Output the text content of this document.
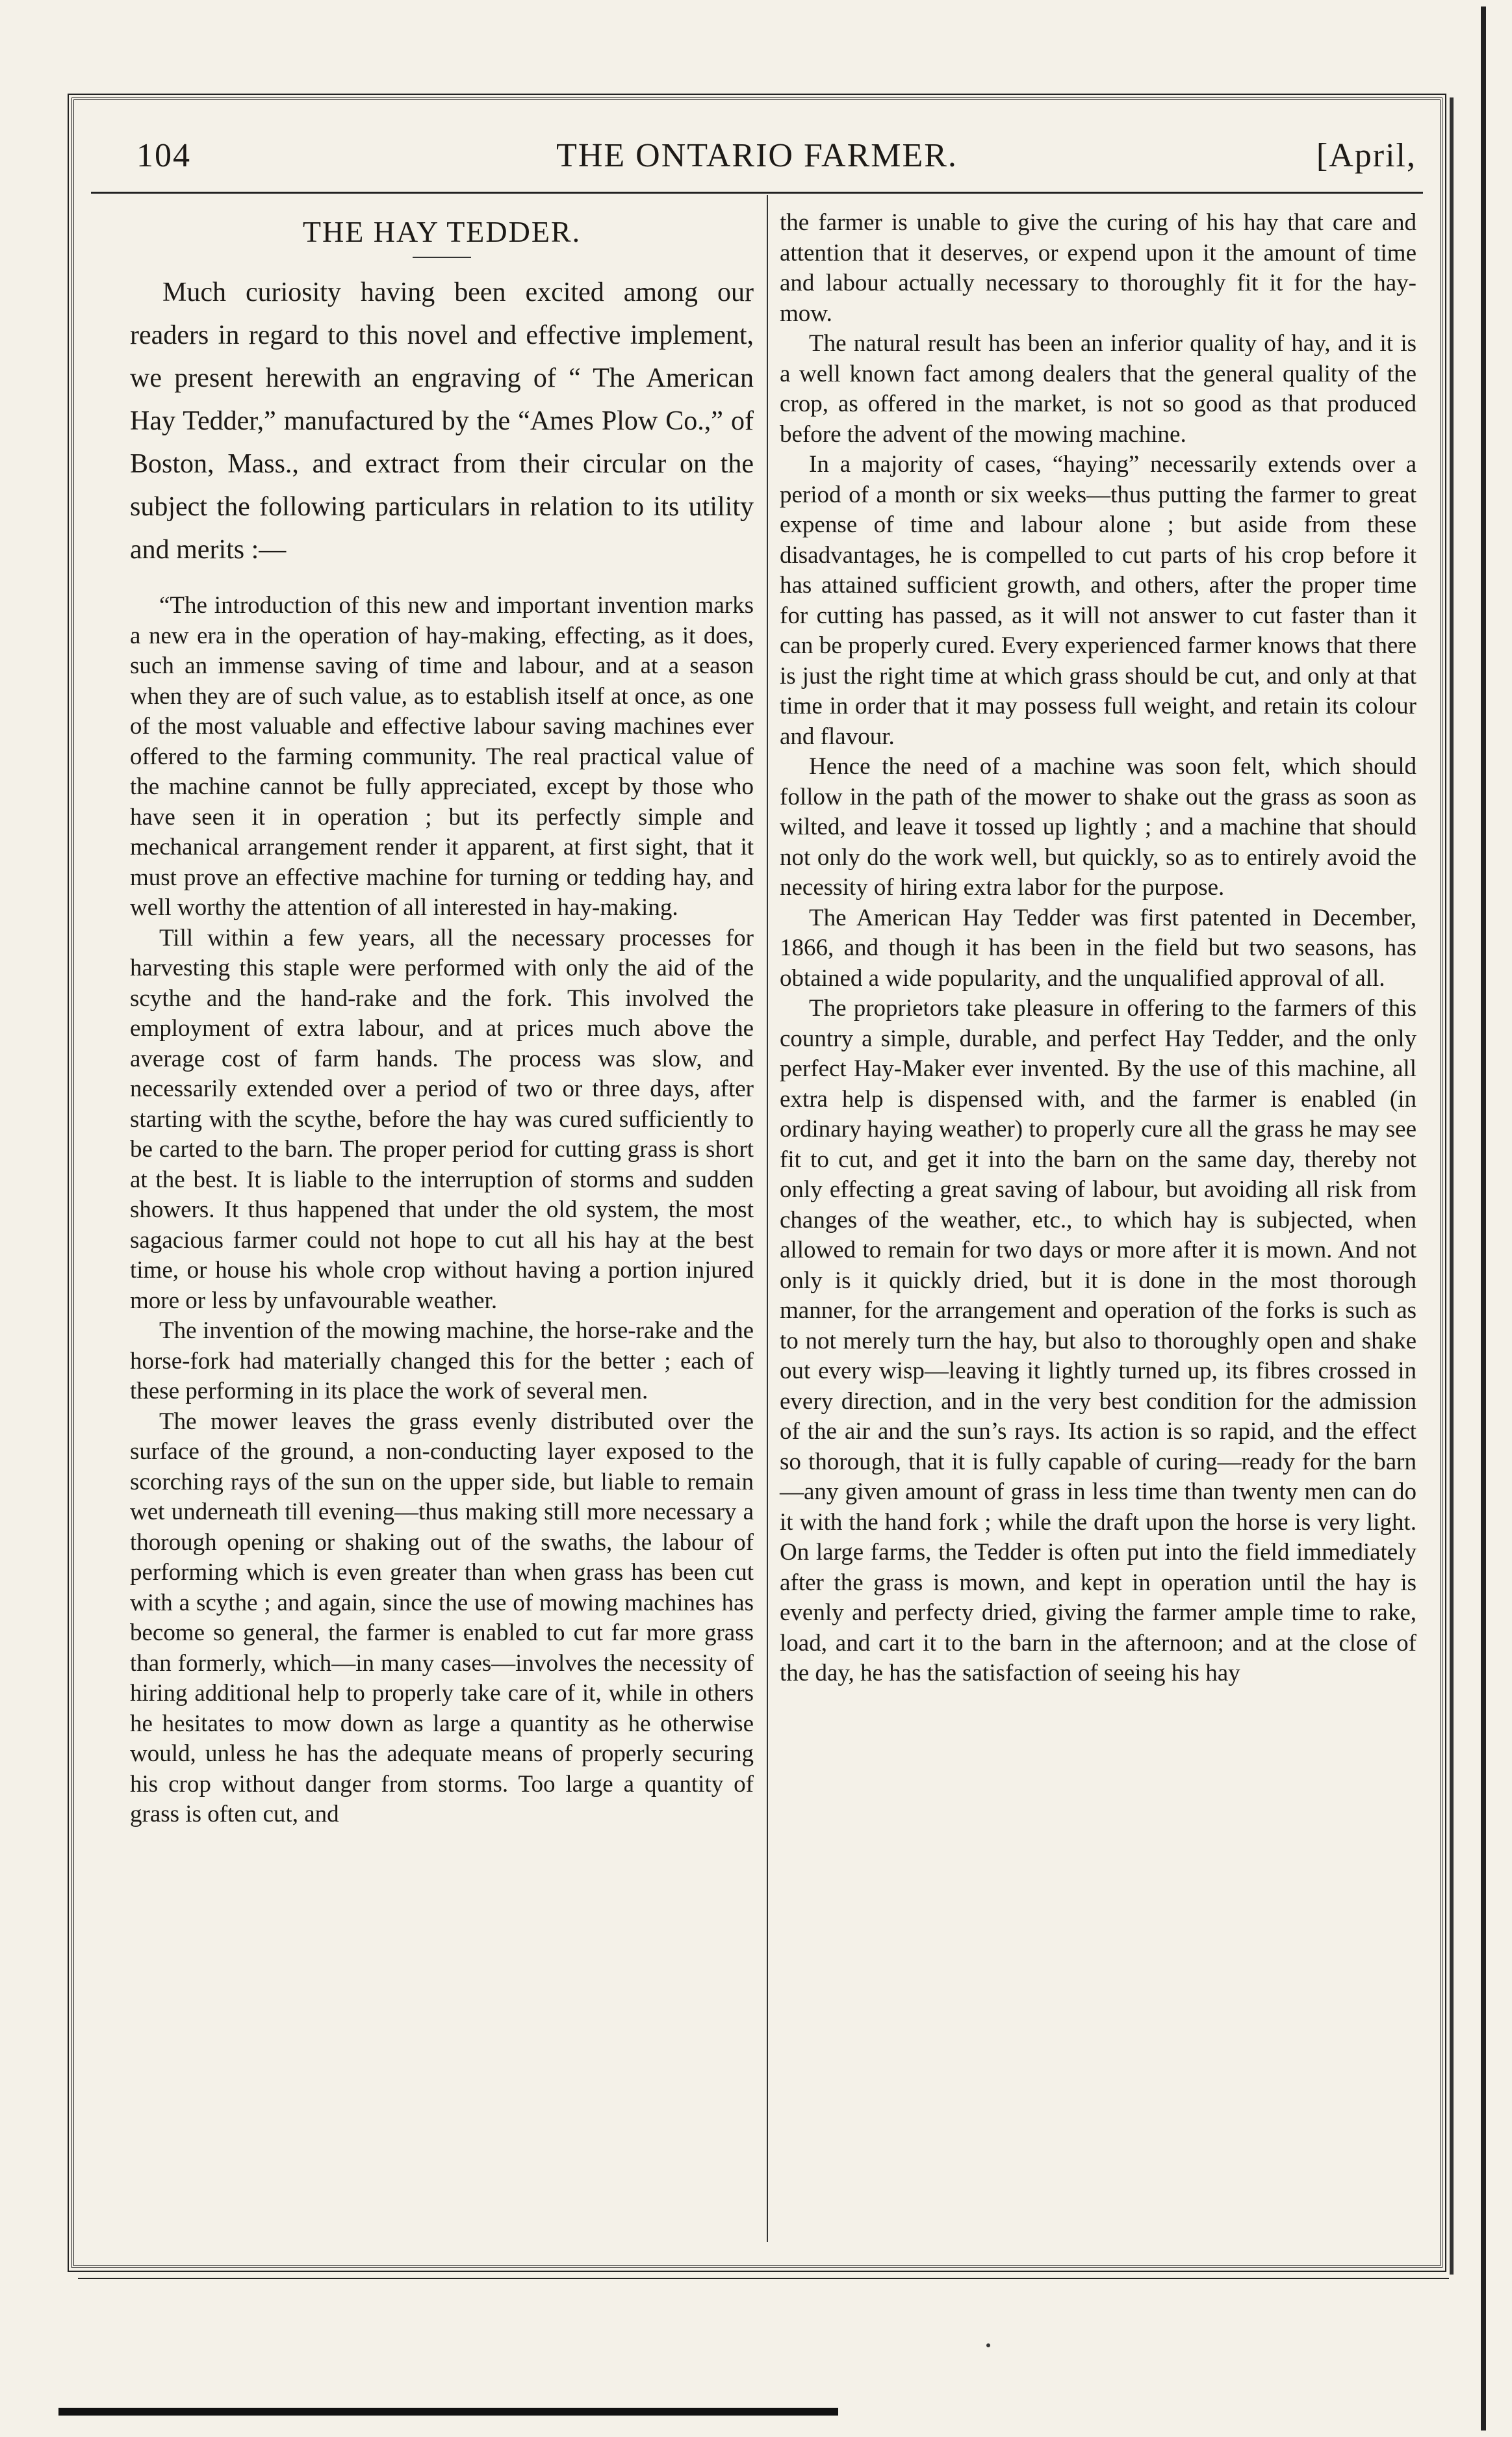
104	THE ONTARIO FARMER.	[April,
THE HAY TEDDER.

Much curiosity having been excited among our readers in regard to this novel and effective implement, we present herewith an engraving of “ The American Hay Tedder,” manufactured by the “Ames Plow Co.,” of Boston, Mass., and extract from their circular on the subject the following particulars in relation to its utility and merits :—

“The introduction of this new and important invention marks a new era in the operation of hay-making, effecting, as it does, such an immense saving of time and labour, and at a season when they are of such value, as to establish itself at once, as one of the most valuable and effective labour saving machines ever offered to the farming community. The real practical value of the machine cannot be fully appreciated, except by those who have seen it in operation ; but its perfectly simple and mechanical arrangement render it apparent, at first sight, that it must prove an effective machine for turning or tedding hay, and well worthy the attention of all interested in hay-making.

Till within a few years, all the necessary processes for harvesting this staple were performed with only the aid of the scythe and the hand-rake and the fork. This involved the employment of extra labour, and at prices much above the average cost of farm hands. The process was slow, and necessarily extended over a period of two or three days, after starting with the scythe, before the hay was cured sufficiently to be carted to the barn. The proper period for cutting grass is short at the best. It is liable to the interruption of storms and sudden showers. It thus happened that under the old system, the most sagacious farmer could not hope to cut all his hay at the best time, or house his whole crop without having a portion injured more or less by unfavourable weather.

The invention of the mowing machine, the horse-rake and the horse-fork had materially changed this for the better ; each of these performing in its place the work of several men.

The mower leaves the grass evenly distributed over the surface of the ground, a non-conducting layer exposed to the scorching rays of the sun on the upper side, but liable to remain wet underneath till evening—thus making still more necessary a thorough opening or shaking out of the swaths, the labour of performing which is even greater than when grass has been cut with a scythe ; and again, since the use of mowing machines has become so general, the farmer is enabled to cut far more grass than formerly, which—in many cases—involves the necessity of hiring additional help to properly take care of it, while in others he hesitates to mow down as large a quantity as he otherwise would, unless he has the adequate means of properly securing his crop without danger from storms. Too large a quantity of grass is often cut, and

the farmer is unable to give the curing of his hay that care and attention that it deserves, or expend upon it the amount of time and labour actually necessary to thoroughly fit it for the hay-mow.

The natural result has been an inferior quality of hay, and it is a well known fact among dealers that the general quality of the crop, as offered in the market, is not so good as that produced before the advent of the mowing machine.

In a majority of cases, “haying” necessarily extends over a period of a month or six weeks—thus putting the farmer to great expense of time and labour alone ; but aside from these disadvantages, he is compelled to cut parts of his crop before it has attained sufficient growth, and others, after the proper time for cutting has passed, as it will not answer to cut faster than it can be properly cured. Every experienced farmer knows that there is just the right time at which grass should be cut, and only at that time in order that it may possess full weight, and retain its colour and flavour.

Hence the need of a machine was soon felt, which should follow in the path of the mower to shake out the grass as soon as wilted, and leave it tossed up lightly ; and a machine that should not only do the work well, but quickly, so as to entirely avoid the necessity of hiring extra labor for the purpose.

The American Hay Tedder was first patented in December, 1866, and though it has been in the field but two seasons, has obtained a wide popularity, and the unqualified approval of all.

The proprietors take pleasure in offering to the farmers of this country a simple, durable, and perfect Hay Tedder, and the only perfect Hay-Maker ever invented. By the use of this machine, all extra help is dispensed with, and the farmer is enabled (in ordinary haying weather) to properly cure all the grass he may see fit to cut, and get it into the barn on the same day, thereby not only effecting a great saving of labour, but avoiding all risk from changes of the weather, etc., to which hay is subjected, when allowed to remain for two days or more after it is mown. And not only is it quickly dried, but it is done in the most thorough manner, for the arrangement and operation of the forks is such as to not merely turn the hay, but also to thoroughly open and shake out every wisp—leaving it lightly turned up, its fibres crossed in every direction, and in the very best condition for the admission of the air and the sun’s rays. Its action is so rapid, and the effect so thorough, that it is fully capable of curing—ready for the barn—any given amount of grass in less time than twenty men can do it with the hand fork ; while the draft upon the horse is very light. On large farms, the Tedder is often put into the field immediately after the grass is mown, and kept in operation until the hay is evenly and perfecty dried, giving the farmer ample time to rake, load, and cart it to the barn in the afternoon; and at the close of the day, he has the satisfaction of seeing his hay
